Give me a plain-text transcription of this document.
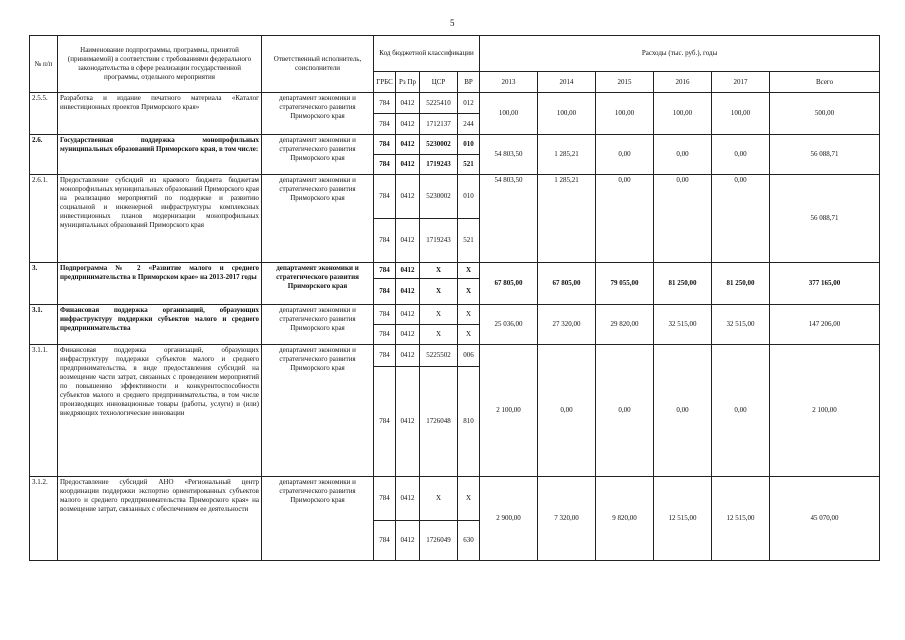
5
№ п/п	Наименование подпрограммы, программы, принятой (принимаемой) в соответствии с требованиями федерального законодательства в сфере реализации государственной программы, отдельного мероприятия	Ответственный исполнитель, соисполнители	Код бюджетной классификации				Расходы (тыс. руб.), годы					
			ГРБС	Рз Пр	ЦСР	ВР	2013	2014	2015	2016	2017	Всего
2.5.5.	Разработка и издание печатного материала «Каталог инвестиционных проектов Приморского края»	департамент экономики и стратегического развития Приморского края	784	0412	5225410	012	100,00	100,00	100,00	100,00	100,00	500,00
			784	0412	1712137	244						
2.6.	Государственная поддержка монопрофильных муниципальных образований Приморского края, в том числе:	департамент экономики и стратегического развития Приморского края	784	0412	5230002	010	54 803,50	1 285,21	0,00	0,00	0,00	56 088,71
			784	0412	1719243	521						
2.6.1.	Предоставление субсидий из краевого бюджета бюджетам монопрофильных муниципальных образований Приморского края на реализацию мероприятий по поддержке и развитию социальной и инженерной инфраструктуры комплексных инвестиционных планов модернизации монопрофильных муниципальных образований Приморского края	департамент экономики и стратегического развития Приморского края	784	0412	5230002	010	54 803,50	1 285,21	0,00	0,00	0,00	56 088,71
			784	0412	1719243	521						
3.	Подпрограмма № 2 «Развитие малого и среднего предпринимательства в Приморском крае» на 2013-2017 годы	департамент экономики и стратегического развития Приморского края	784	0412	X	X	67 805,00	67 805,00	79 055,00	81 250,00	81 250,00	377 165,00
			784	0412	X	X						
3.1.	Финансовая поддержка организаций, образующих инфраструктуру поддержки субъектов малого и среднего предпринимательства	департамент экономики и стратегического развития Приморского края	784	0412	X	X	25 036,00	27 320,00	29 820,00	32 515,00	32 515,00	147 206,00
			784	0412	X	X						
3.1.1.	Финансовая поддержка организаций, образующих инфраструктуру поддержки субъектов малого и среднего предпринимательства, в виде предоставления субсидий на возмещение части затрат, связанных с проведением мероприятий по повышению эффективности и конкурентоспособности субъектов малого и среднего предпринимательства, в том числе производящих инновационные товары (работы, услуги) и (или) внедряющих технологические инновации	департамент экономики и стратегического развития Приморского края	784	0412	5225502	006	2 100,00	0,00	0,00	0,00	0,00	2 100,00
			784	0412	1726048	810						
3.1.2.	Предоставление субсидий АНО «Региональный центр координации поддержки экспортно ориентированных субъектов малого и среднего предпринимательства Приморского края» на возмещение затрат, связанных с обеспечением ее деятельности	департамент экономики и стратегического развития Приморского края	784	0412	X	X	2 900,00	7 320,00	9 820,00	12 515,00	12 515,00	45 070,00
			784	0412	1726049	630						
